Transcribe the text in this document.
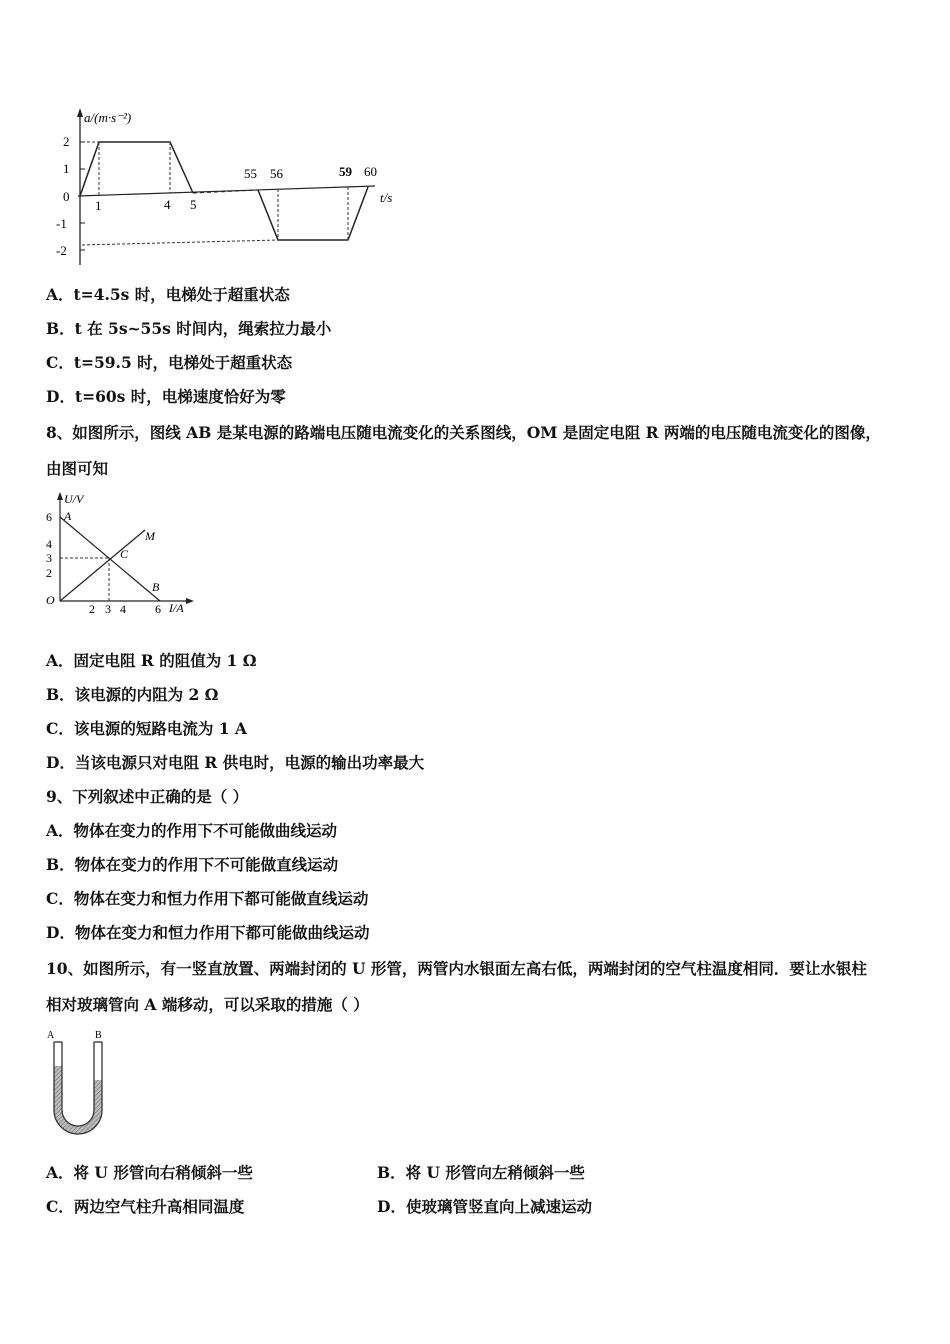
a/(m·s⁻²)
2
1
0
-1
-2
1	4 5
55 56	59 60
t/s
A．t=4.5s 时，电梯处于超重状态
B．t 在 5s~55s 时间内，绳索拉力最小
C．t=59.5 时，电梯处于超重状态
D．t=60s 时，电梯速度恰好为零
8、如图所示，图线 AB 是某电源的路端电压随电流变化的关系图线，OM 是固定电阻 R 两端的电压随电流变化的图像，
由图可知
U/V
A
M
C
B
O
6
4
3
2
2 3 4 6 I/A
A．固定电阻 R 的阻值为 1 Ω
B．该电源的内阻为 2 Ω
C．该电源的短路电流为 1 A
D．当该电源只对电阻 R 供电时，电源的输出功率最大
9、下列叙述中正确的是（ ）
A．物体在变力的作用下不可能做曲线运动
B．物体在变力的作用下不可能做直线运动
C．物体在变力和恒力作用下都可能做直线运动
D．物体在变力和恒力作用下都可能做曲线运动
10、如图所示，有一竖直放置、两端封闭的 U 形管，两管内水银面左高右低，两端封闭的空气柱温度相同．要让水银柱
相对玻璃管向 A 端移动，可以采取的措施（ ）
A	B
A．将 U 形管向右稍倾斜一些	B．将 U 形管向左稍倾斜一些
C．两边空气柱升高相同温度	D．使玻璃管竖直向上减速运动
